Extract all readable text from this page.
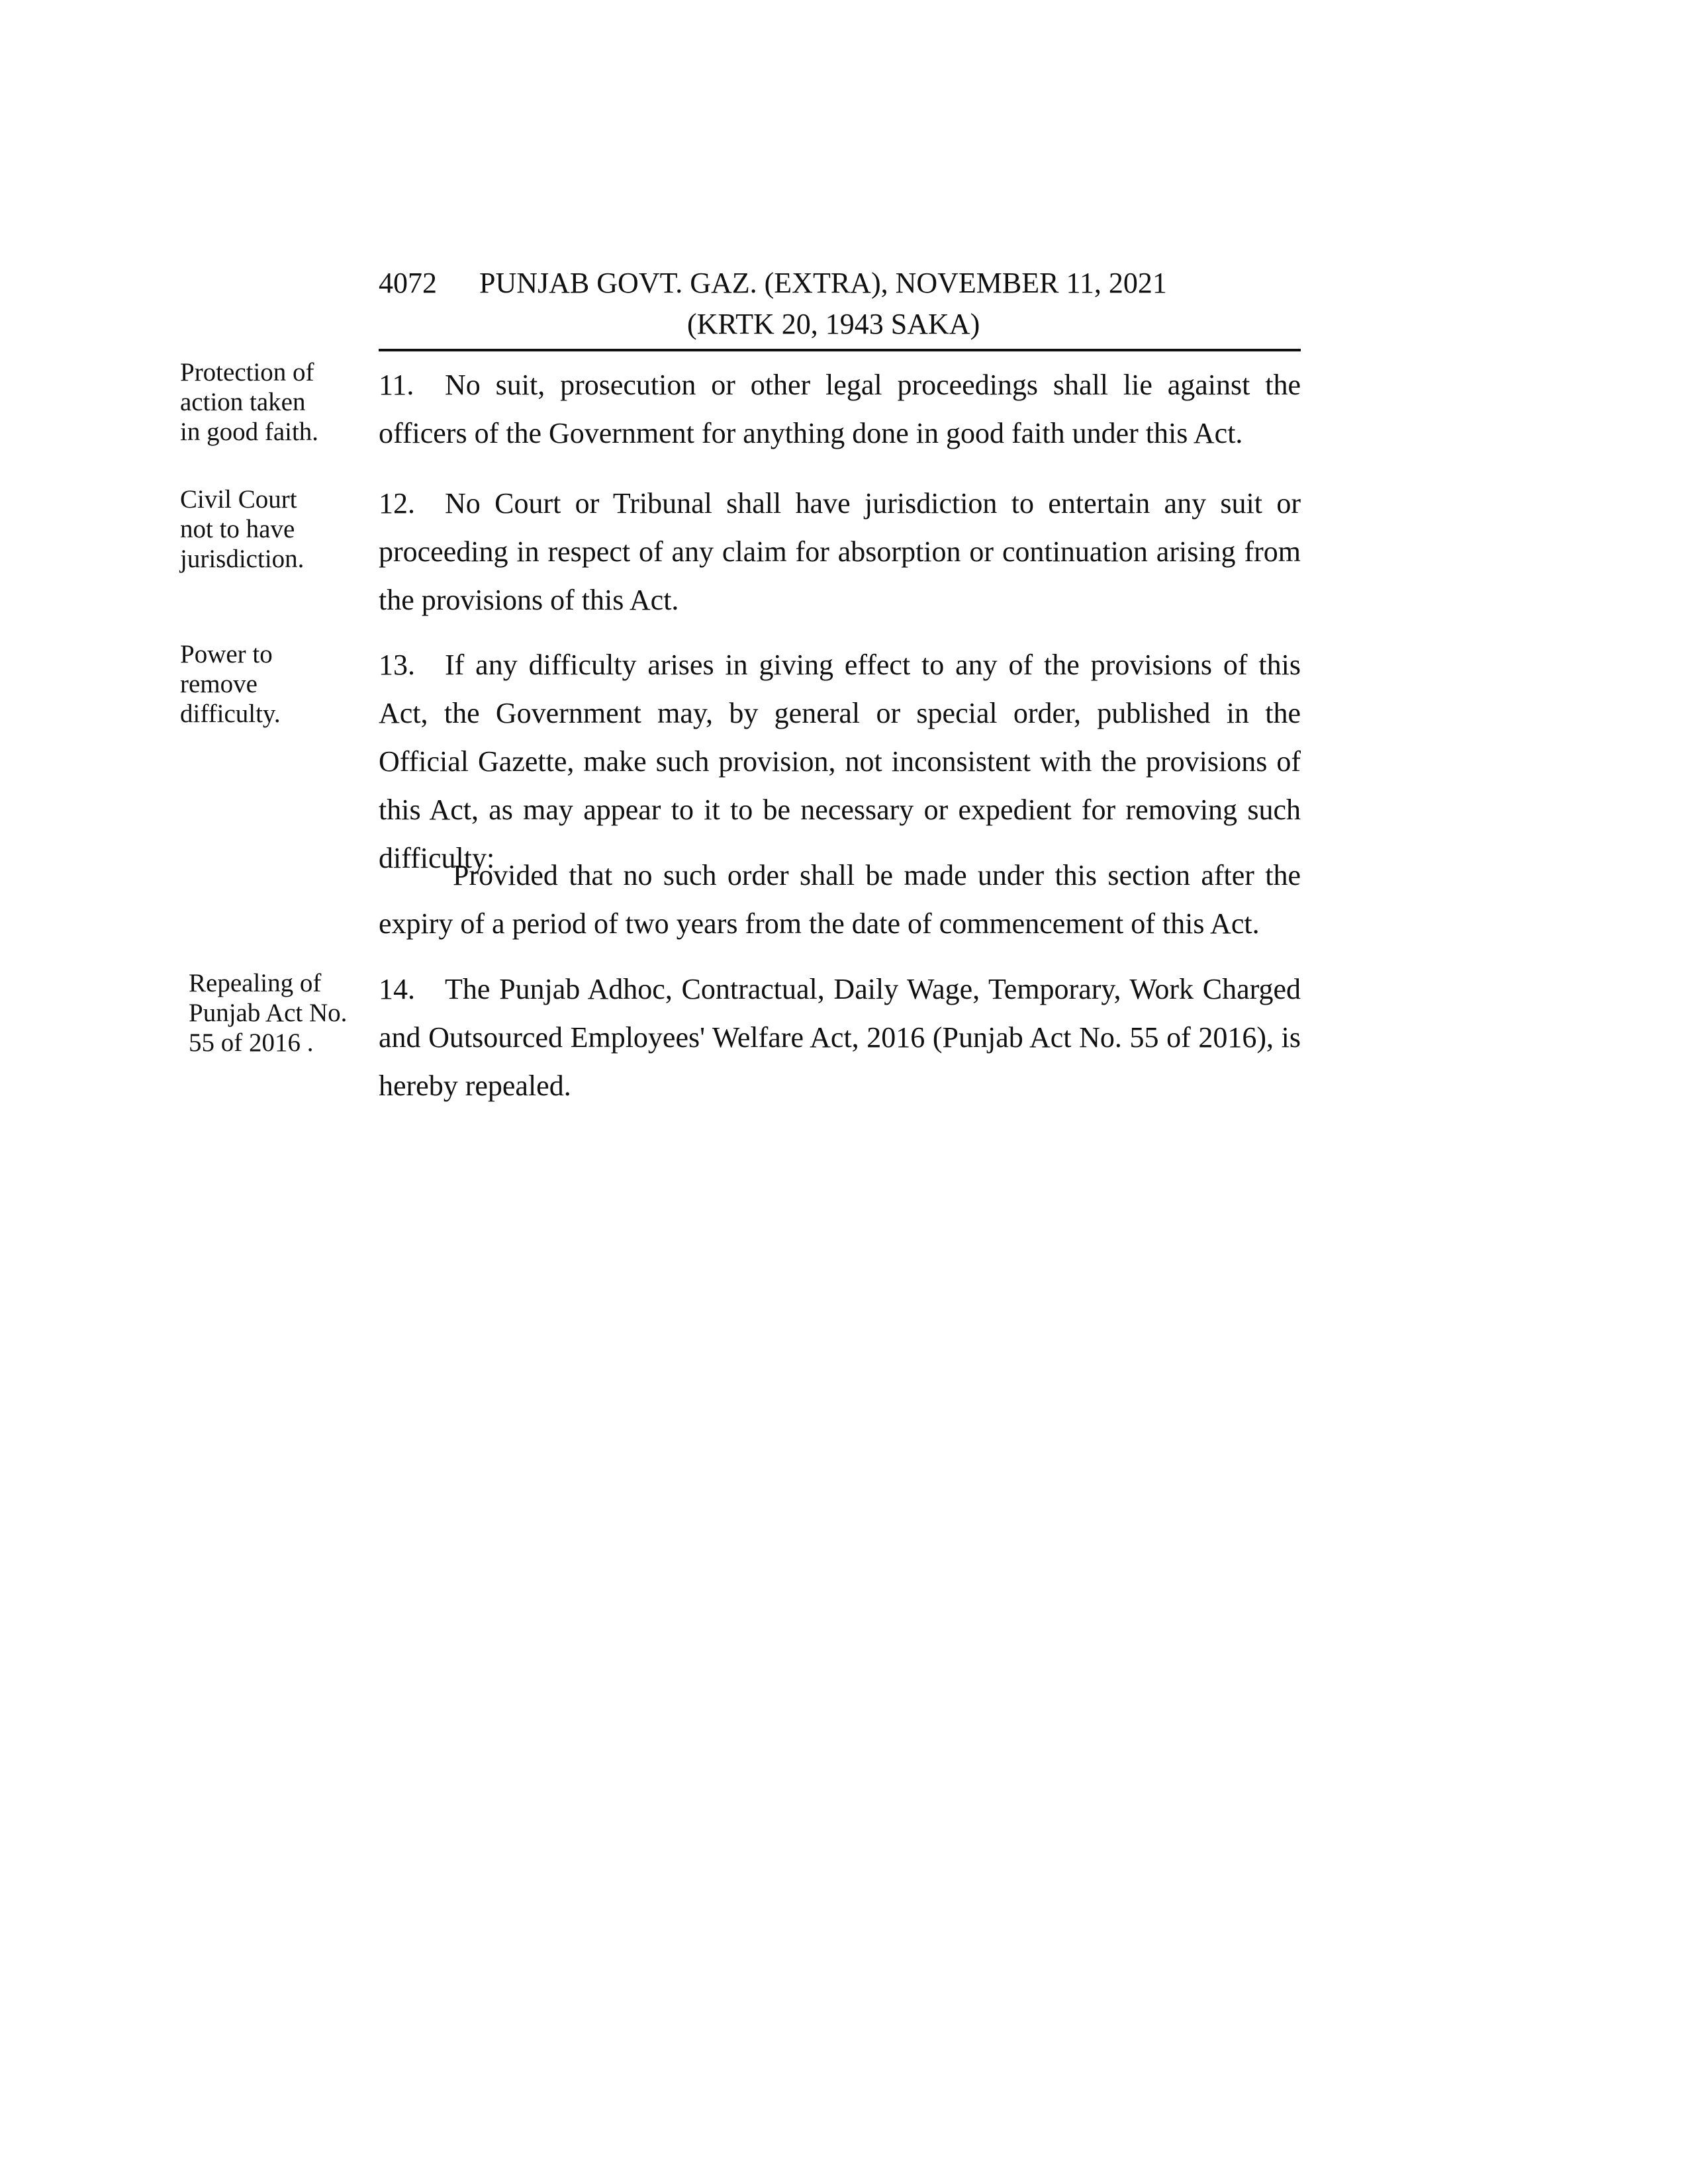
4072 PUNJAB GOVT. GAZ. (EXTRA), NOVEMBER 11, 2021
(KRTK 20, 1943 SAKA)
Protection of
action taken
in good faith.
11. No suit, prosecution or other legal proceedings shall lie against the officers of the Government for anything done in good faith under this Act.
Civil Court
not to have
jurisdiction.
12. No Court or Tribunal shall have jurisdiction to entertain any suit or proceeding in respect of any claim for absorption or continuation arising from the provisions of this Act.
Power to
remove
difficulty.
13. If any difficulty arises in giving effect to any of the provisions of this Act, the Government may, by general or special order, published in the Official Gazette, make such provision, not inconsistent with the provisions of this Act, as may appear to it to be necessary or expedient for removing such difficulty:
Provided that no such order shall be made under this section after the expiry of a period of two years from the date of commencement of this Act.
Repealing of
Punjab Act No.
55 of 2016 .
14. The Punjab Adhoc, Contractual, Daily Wage, Temporary, Work Charged and Outsourced Employees' Welfare Act, 2016 (Punjab Act No. 55 of 2016), is hereby repealed.
